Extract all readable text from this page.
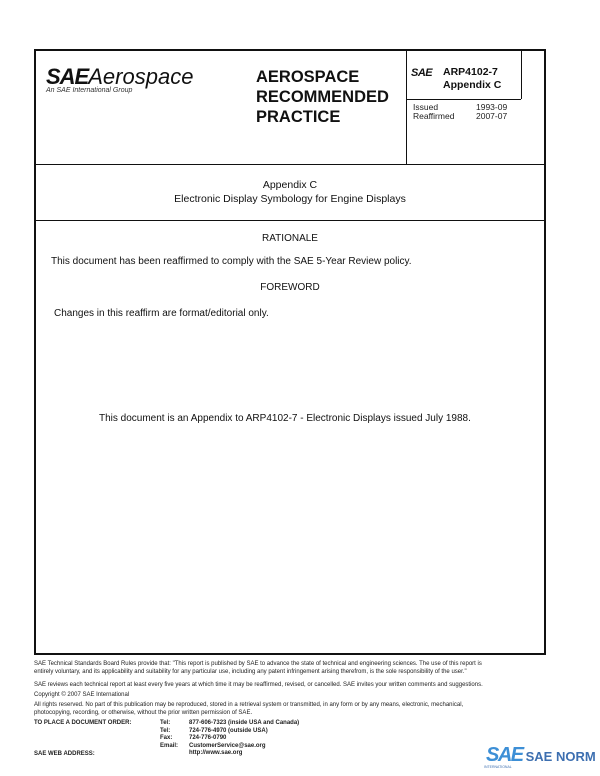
SAEAerospace
An SAE International Group
AEROSPACE
RECOMMENDED
PRACTICE
SAE ARP4102-7
Appendix C
Issued	1993-09
Reaffirmed	2007-07
Appendix C
Electronic Display Symbology for Engine Displays
RATIONALE
This document has been reaffirmed to comply with the SAE 5-Year Review policy.
FOREWORD
Changes in this reaffirm are format/editorial only.
This document is an Appendix to ARP4102-7 - Electronic Displays issued July 1988.
SAE Technical Standards Board Rules provide that: "This report is published by SAE to advance the state of technical and engineering sciences. The use of this report is
entirely voluntary, and its applicability and suitability for any particular use, including any patent infringement arising therefrom, is the sole responsibility of the user."
SAE reviews each technical report at least every five years at which time it may be reaffirmed, revised, or cancelled. SAE invites your written comments and suggestions.
Copyright © 2007 SAE International
All rights reserved. No part of this publication may be reproduced, stored in a retrieval system or transmitted, in any form or by any means, electronic, mechanical,
photocopying, recording, or otherwise, without the prior written permission of SAE.
TO PLACE A DOCUMENT ORDER:	Tel:	877-606-7323 (inside USA and Canada)
Tel:	724-776-4970 (outside USA)
Fax:	724-776-0790
Email: CustomerService@sae.org
http://www.sae.org
SAE WEB ADDRESS:	SAE SAE NORM
INTERNATIONAL
